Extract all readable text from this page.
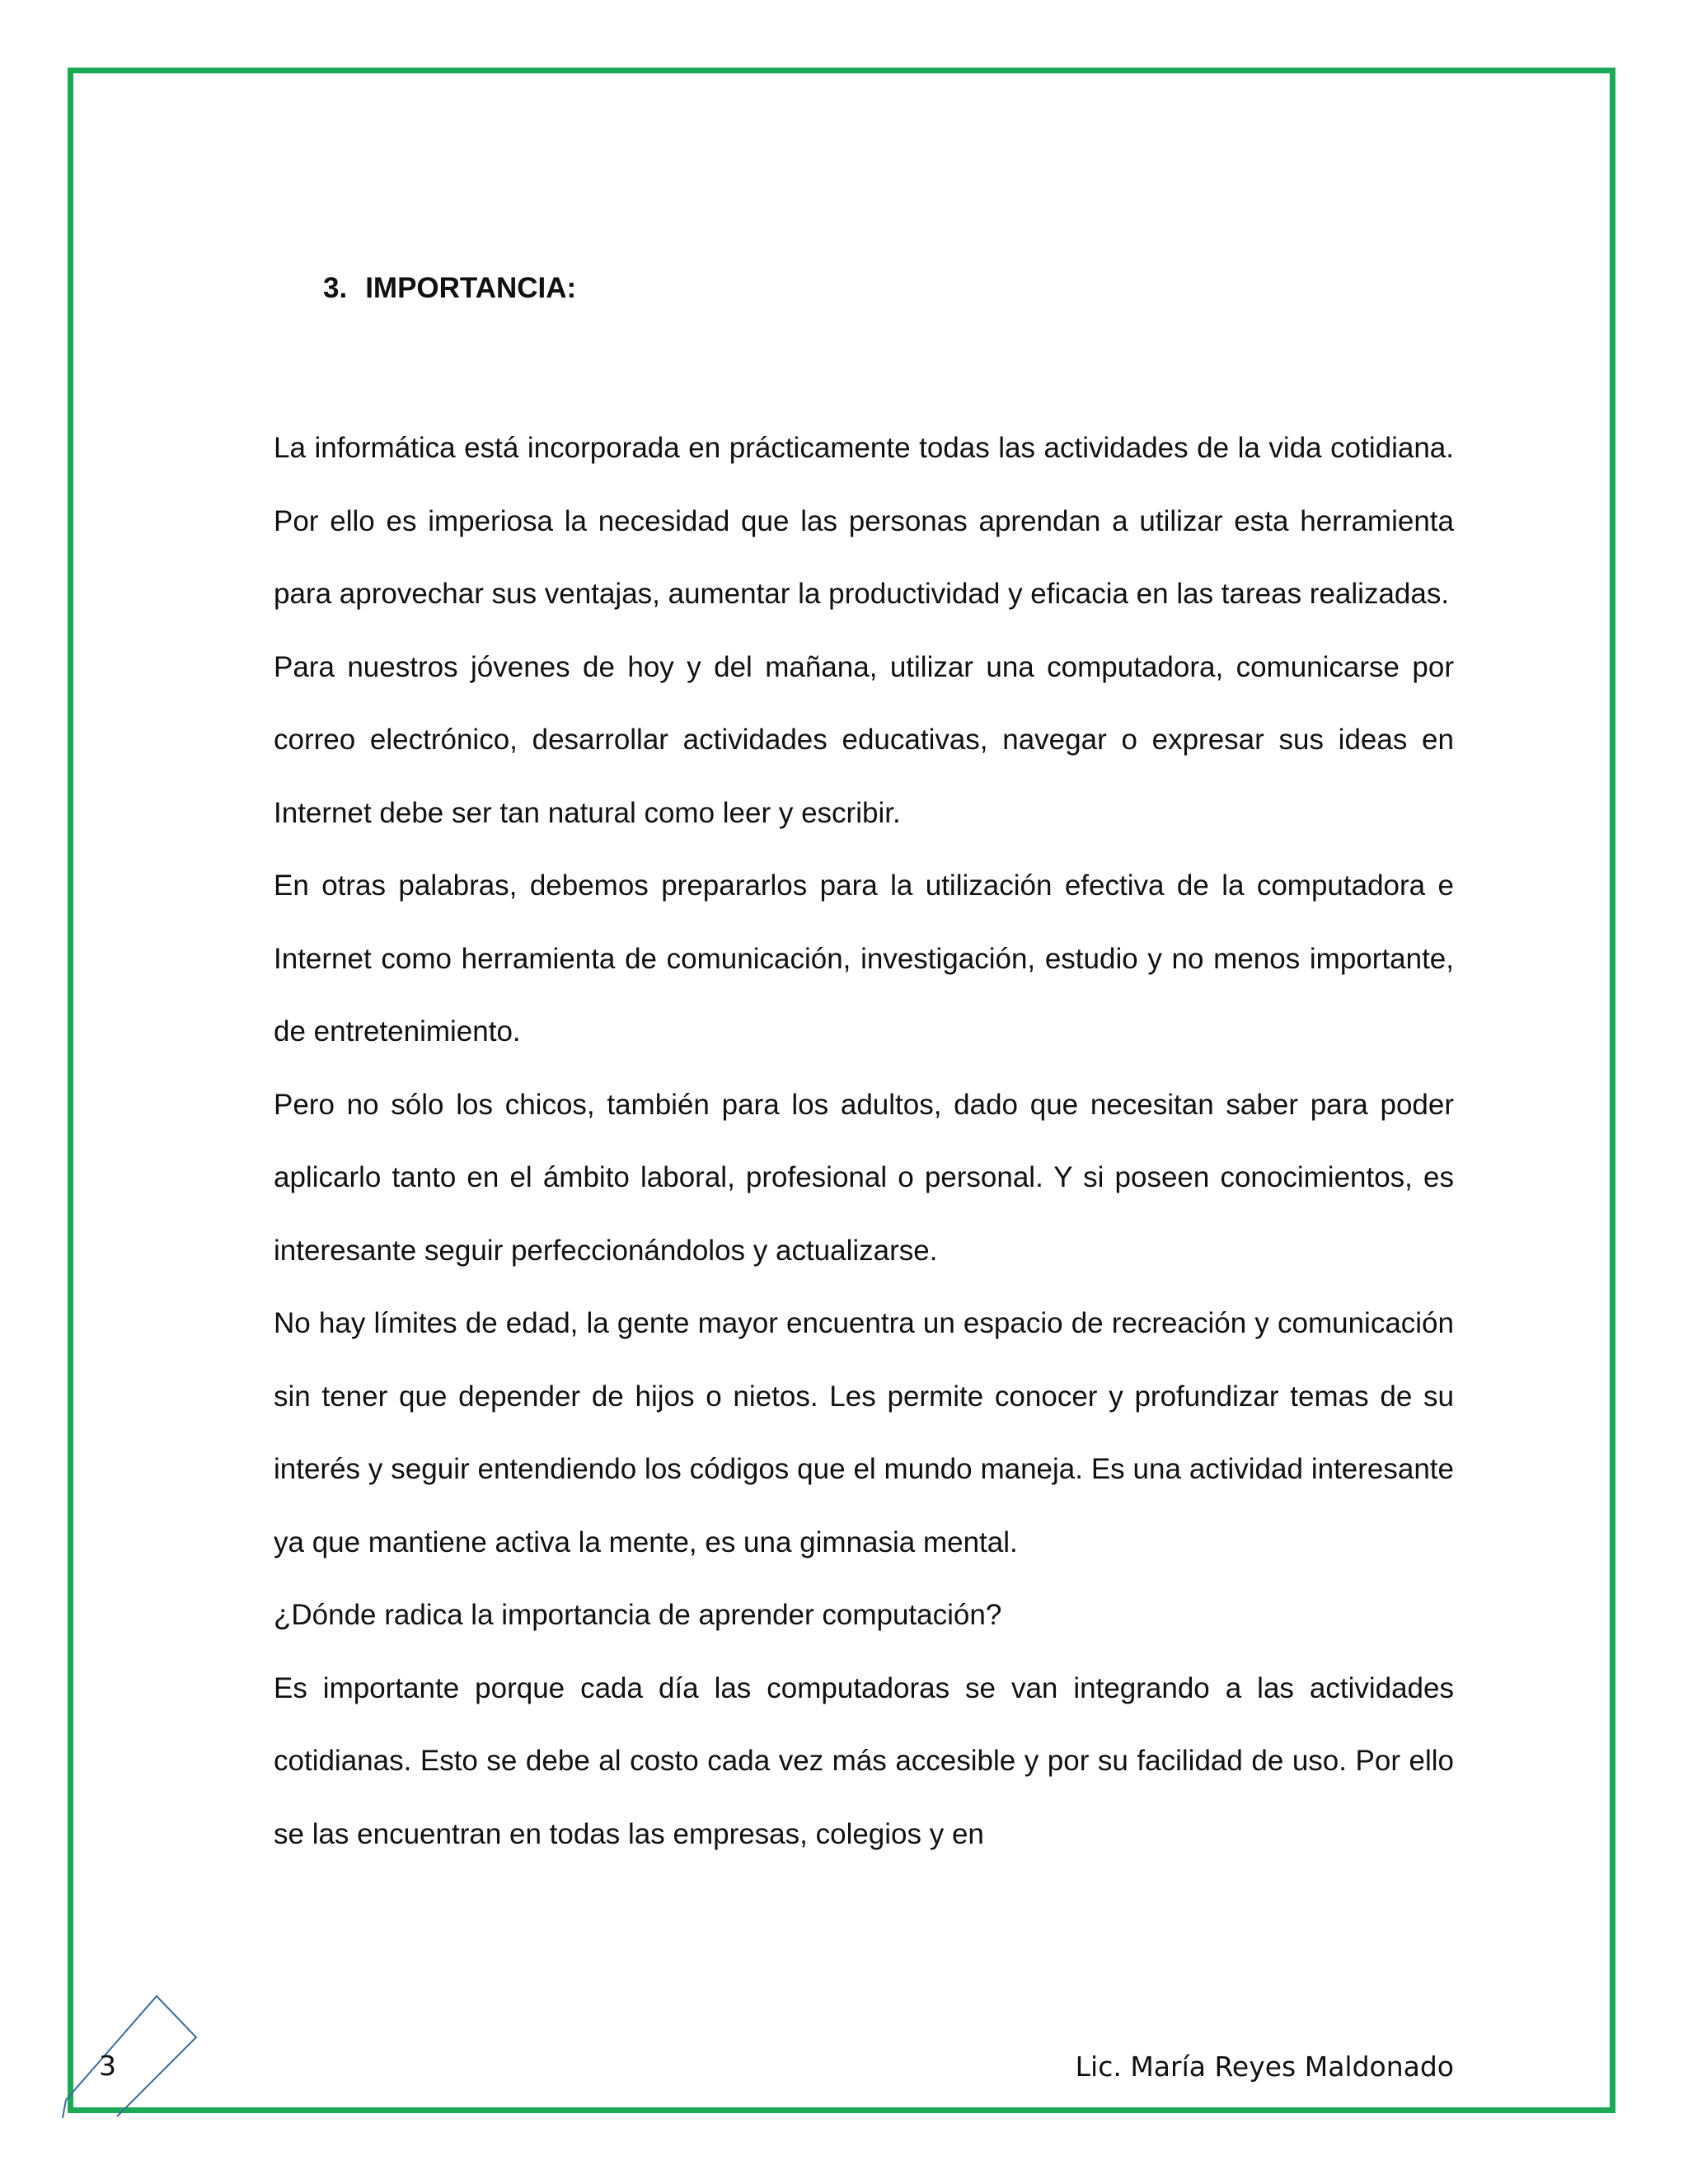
3. IMPORTANCIA:

La informática está incorporada en prácticamente todas las actividades de la vida cotidiana. Por ello es imperiosa la necesidad que las personas aprendan a utilizar esta herramienta para aprovechar sus ventajas, aumentar la productividad y eficacia en las tareas realizadas.

Para nuestros jóvenes de hoy y del mañana, utilizar una computadora, comunicarse por correo electrónico, desarrollar actividades educativas, navegar o expresar sus ideas en Internet debe ser tan natural como leer y escribir.

En otras palabras, debemos prepararlos para la utilización efectiva de la computadora e Internet como herramienta de comunicación, investigación, estudio y no menos importante, de entretenimiento.

Pero no sólo los chicos, también para los adultos, dado que necesitan saber para poder aplicarlo tanto en el ámbito laboral, profesional o personal. Y si poseen conocimientos, es interesante seguir perfeccionándolos y actualizarse.

No hay límites de edad, la gente mayor encuentra un espacio de recreación y comunicación sin tener que depender de hijos o nietos. Les permite conocer y profundizar temas de su interés y seguir entendiendo los códigos que el mundo maneja. Es una actividad interesante ya que mantiene activa la mente, es una gimnasia mental.

¿Dónde radica la importancia de aprender computación?

Es importante porque cada día las computadoras se van integrando a las actividades cotidianas. Esto se debe al costo cada vez más accesible y por su facilidad de uso. Por ello se las encuentran en todas las empresas, colegios y en

3	Lic. María Reyes Maldonado
